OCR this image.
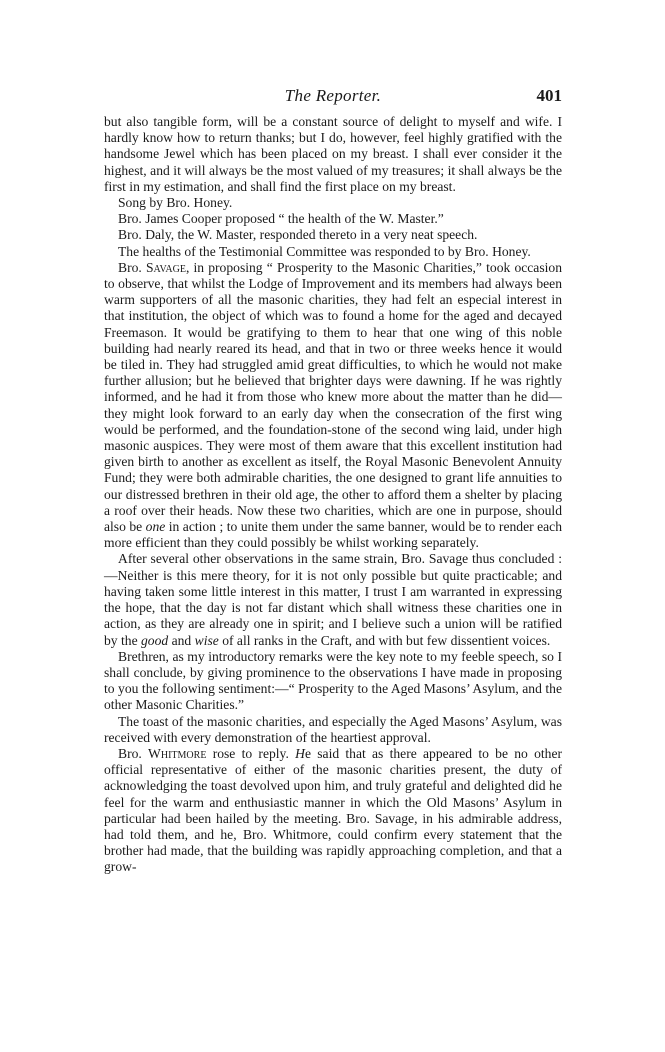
The Reporter.	401

but also tangible form, will be a constant source of delight to myself and wife. I hardly know how to return thanks; but I do, however, feel highly gratified with the handsome Jewel which has been placed on my breast. I shall ever consider it the highest, and it will always be the most valued of my treasures; it shall always be the first in my estimation, and shall find the first place on my breast.

Song by Bro. Honey.

Bro. James Cooper proposed “ the health of the W. Master.”

Bro. Daly, the W. Master, responded thereto in a very neat speech.

The healths of the Testimonial Committee was responded to by Bro. Honey.

Bro. Savage, in proposing “ Prosperity to the Masonic Charities,” took occasion to observe, that whilst the Lodge of Improvement and its members had always been warm supporters of all the masonic charities, they had felt an especial interest in that institution, the object of which was to found a home for the aged and decayed Freemason. It would be gratifying to them to hear that one wing of this noble building had nearly reared its head, and that in two or three weeks hence it would be tiled in. They had struggled amid great difficulties, to which he would not make further allusion; but he believed that brighter days were dawning. If he was rightly informed, and he had it from those who knew more about the matter than he did—they might look forward to an early day when the consecration of the first wing would be performed, and the foundation-stone of the second wing laid, under high masonic auspices. They were most of them aware that this excellent institution had given birth to another as excellent as itself, the Royal Masonic Benevolent Annuity Fund; they were both admirable charities, the one designed to grant life annuities to our distressed brethren in their old age, the other to afford them a shelter by placing a roof over their heads. Now these two charities, which are one in purpose, should also be one in action ; to unite them under the same banner, would be to render each more efficient than they could possibly be whilst working separately.

After several other observations in the same strain, Bro. Savage thus concluded :—Neither is this mere theory, for it is not only possible but quite practicable; and having taken some little interest in this matter, I trust I am warranted in expressing the hope, that the day is not far distant which shall witness these charities one in action, as they are already one in spirit; and I believe such a union will be ratified by the good and wise of all ranks in the Craft, and with but few dissentient voices.

Brethren, as my introductory remarks were the key note to my feeble speech, so I shall conclude, by giving prominence to the observations I have made in proposing to you the following sentiment:—“ Prosperity to the Aged Masons’ Asylum, and the other Masonic Charities.”

The toast of the masonic charities, and especially the Aged Masons’ Asylum, was received with every demonstration of the heartiest approval.

Bro. Whitmore rose to reply. He said that as there appeared to be no other official representative of either of the masonic charities present, the duty of acknowledging the toast devolved upon him, and truly grateful and delighted did he feel for the warm and enthusiastic manner in which the Old Masons’ Asylum in particular had been hailed by the meeting. Bro. Savage, in his admirable address, had told them, and he, Bro. Whitmore, could confirm every statement that the brother had made, that the building was rapidly approaching completion, and that a grow-
